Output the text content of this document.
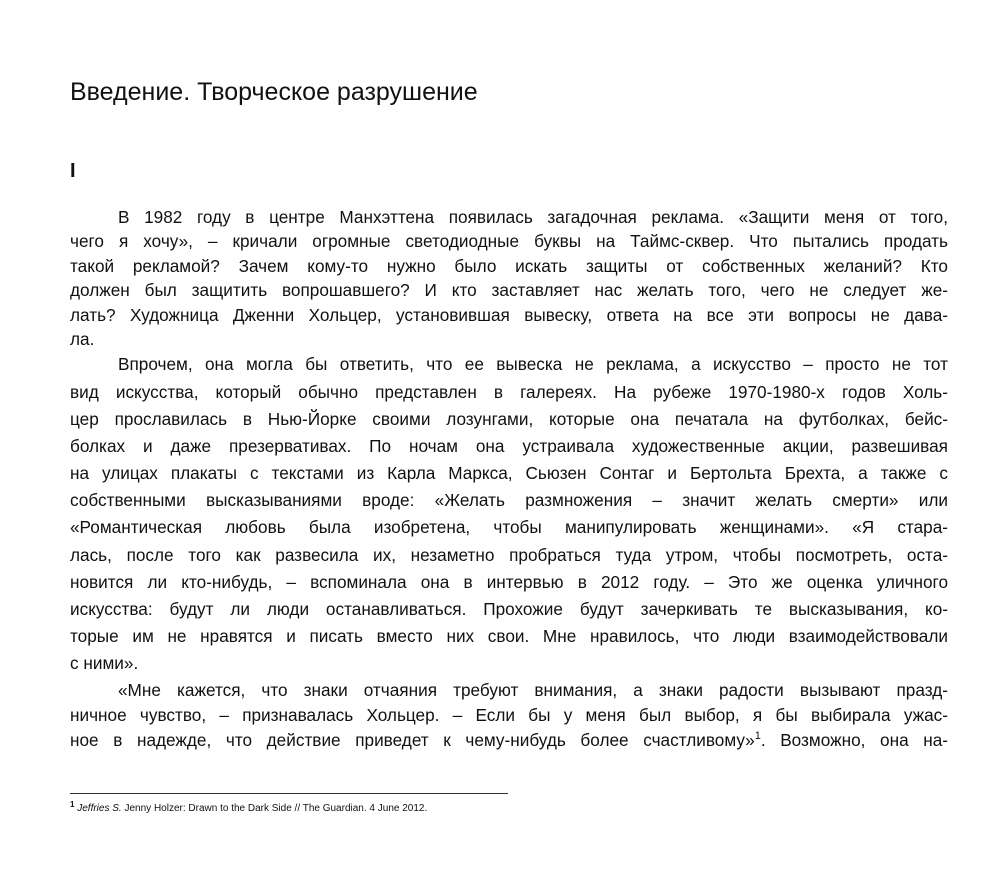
Введение. Творческое разрушение
I
В 1982 году в центре Манхэттена появилась загадочная реклама. «Защити меня от того,
чего я хочу», – кричали огромные светодиодные буквы на Таймс-сквер. Что пытались продать
такой рекламой? Зачем кому-то нужно было искать защиты от собственных желаний? Кто
должен был защитить вопрошавшего? И кто заставляет нас желать того, чего не следует же-
лать? Художница Дженни Хольцер, установившая вывеску, ответа на все эти вопросы не дава-
ла.
Впрочем, она могла бы ответить, что ее вывеска не реклама, а искусство – просто не тот
вид искусства, который обычно представлен в галереях. На рубеже 1970-1980-х годов Холь-
цер прославилась в Нью-Йорке своими лозунгами, которые она печатала на футболках, бейс-
болках и даже презервативах. По ночам она устраивала художественные акции, развешивая
на улицах плакаты с текстами из Карла Маркса, Сьюзен Сонтаг и Бертольта Брехта, а также с
собственными высказываниями вроде: «Желать размножения – значит желать смерти» или
«Романтическая любовь была изобретена, чтобы манипулировать женщинами». «Я стара-
лась, после того как развесила их, незаметно пробраться туда утром, чтобы посмотреть, оста-
новится ли кто-нибудь, – вспоминала она в интервью в 2012 году. – Это же оценка уличного
искусства: будут ли люди останавливаться. Прохожие будут зачеркивать те высказывания, ко-
торые им не нравятся и писать вместо них свои. Мне нравилось, что люди взаимодействовали
с ними».
«Мне кажется, что знаки отчаяния требуют внимания, а знаки радости вызывают празд-
ничное чувство, – признавалась Хольцер. – Если бы у меня был выбор, я бы выбирала ужас-
ное в надежде, что действие приведет к чему-нибудь более счастливому»$^1$. Возможно, она на-
$^1$ Jeffries S. Jenny Holzer: Drawn to the Dark Side // The Guardian. 4 June 2012.
